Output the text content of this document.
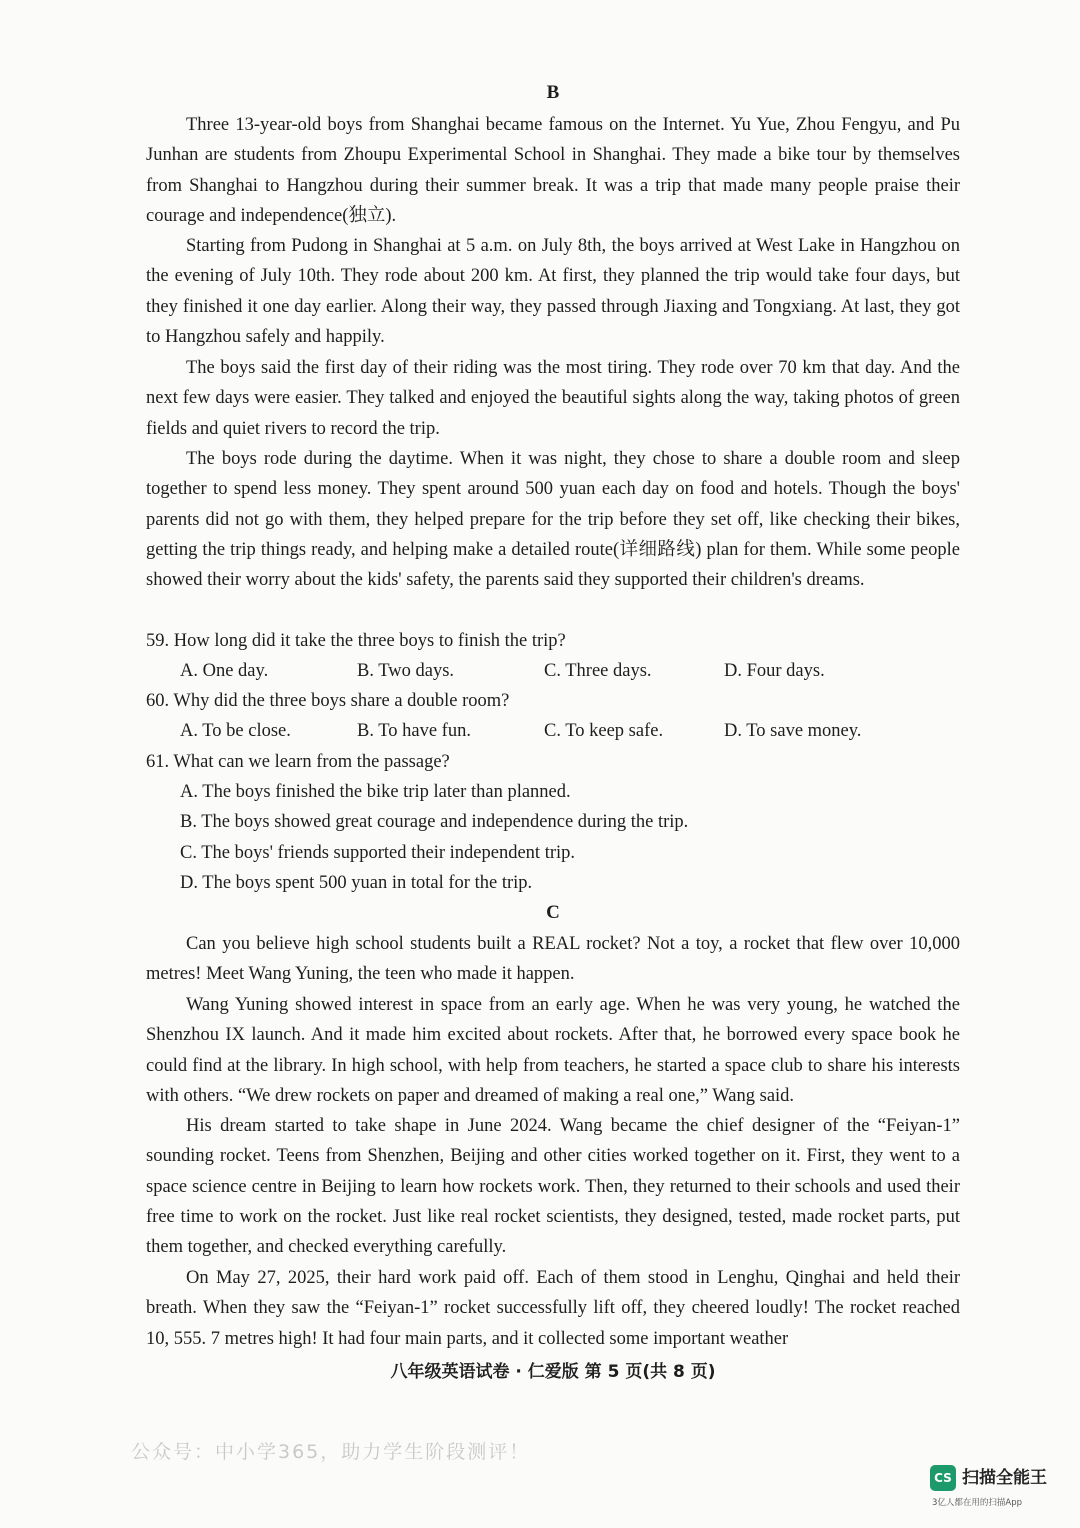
B

Three 13-year-old boys from Shanghai became famous on the Internet. Yu Yue, Zhou Fengyu, and Pu Junhan are students from Zhoupu Experimental School in Shanghai. They made a bike tour by themselves from Shanghai to Hangzhou during their summer break. It was a trip that made many people praise their courage and independence(独立).

Starting from Pudong in Shanghai at 5 a.m. on July 8th, the boys arrived at West Lake in Hangzhou on the evening of July 10th. They rode about 200 km. At first, they planned the trip would take four days, but they finished it one day earlier. Along their way, they passed through Jiaxing and Tongxiang. At last, they got to Hangzhou safely and happily.

The boys said the first day of their riding was the most tiring. They rode over 70 km that day. And the next few days were easier. They talked and enjoyed the beautiful sights along the way, taking photos of green fields and quiet rivers to record the trip.

The boys rode during the daytime. When it was night, they chose to share a double room and sleep together to spend less money. They spent around 500 yuan each day on food and hotels. Though the boys' parents did not go with them, they helped prepare for the trip before they set off, like checking their bikes, getting the trip things ready, and helping make a detailed route(详细路线) plan for them. While some people showed their worry about the kids' safety, the parents said they supported their children's dreams.

59. How long did it take the three boys to finish the trip?
A. One day.	B. Two days.	C. Three days.	D. Four days.
60. Why did the three boys share a double room?
A. To be close.	B. To have fun.	C. To keep safe.	D. To save money.
61. What can we learn from the passage?
A. The boys finished the bike trip later than planned.
B. The boys showed great courage and independence during the trip.
C. The boys' friends supported their independent trip.
D. The boys spent 500 yuan in total for the trip.
C

Can you believe high school students built a REAL rocket? Not a toy, a rocket that flew over 10,000 metres! Meet Wang Yuning, the teen who made it happen.

Wang Yuning showed interest in space from an early age. When he was very young, he watched the Shenzhou IX launch. And it made him excited about rockets. After that, he borrowed every space book he could find at the library. In high school, with help from teachers, he started a space club to share his interests with others. “We drew rockets on paper and dreamed of making a real one,” Wang said.

His dream started to take shape in June 2024. Wang became the chief designer of the “Feiyan-1” sounding rocket. Teens from Shenzhen, Beijing and other cities worked together on it. First, they went to a space science centre in Beijing to learn how rockets work. Then, they returned to their schools and used their free time to work on the rocket. Just like real rocket scientists, they designed, tested, made rocket parts, put them together, and checked everything carefully.

On May 27, 2025, their hard work paid off. Each of them stood in Lenghu, Qinghai and held their breath. When they saw the “Feiyan-1” rocket successfully lift off, they cheered loudly! The rocket reached 10, 555. 7 metres high! It had four main parts, and it collected some important weather

八年级英语试卷 · 仁爱版 第 5 页(共 8 页)
公众号：中小学365，助力学生阶段测评！
CS 扫描全能王
3亿人都在用的扫描App
